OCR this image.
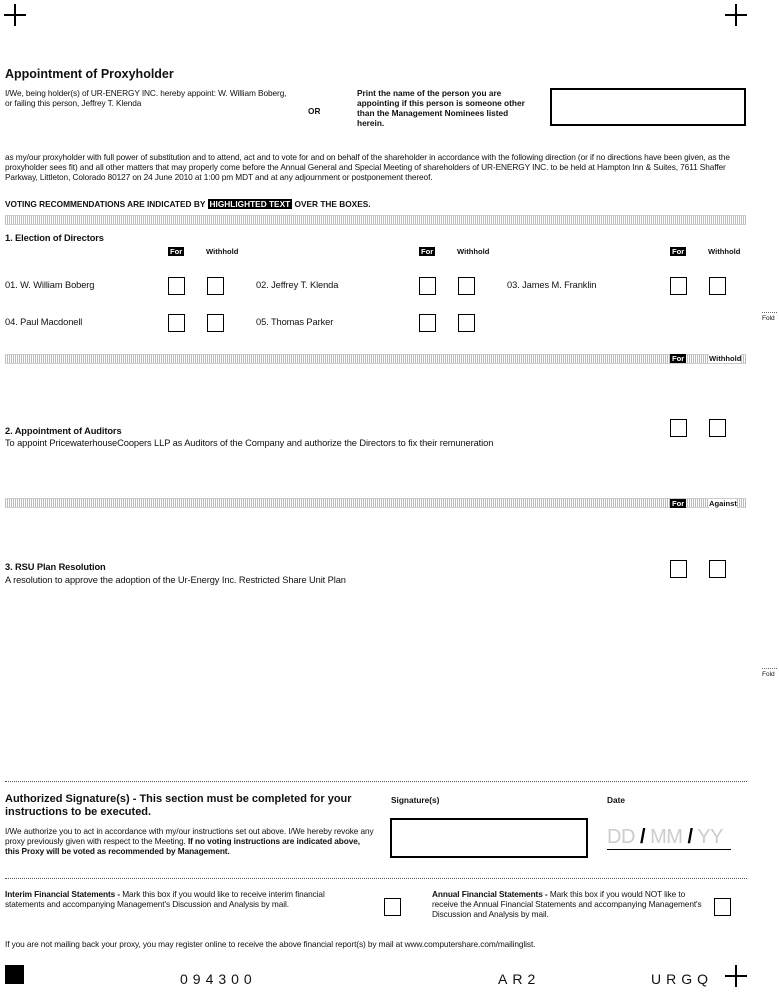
Appointment of Proxyholder
I/We, being holder(s) of UR-ENERGY INC. hereby appoint: W. William Boberg, or failing this person, Jeffrey T. Klenda
OR
Print the name of the person you are appointing if this person is someone other than the Management Nominees listed herein.
as my/our proxyholder with full power of substitution and to attend, act and to vote for and on behalf of the shareholder in accordance with the following direction (or if no directions have been given, as the proxyholder sees fit) and all other matters that may properly come before the Annual General and Special Meeting of shareholders of UR-ENERGY INC. to be held at Hampton Inn & Suites, 7611 Shaffer Parkway, Littleton, Colorado 80127 on 24 June 2010 at 1:00 pm MDT and at any adjournment or postponement thereof.
VOTING RECOMMENDATIONS ARE INDICATED BY HIGHLIGHTED TEXT OVER THE BOXES.
1. Election of Directors
For	Withhold	For	Withhold	For	Withhold
01. W. William Boberg	02. Jeffrey T. Klenda	03. James M. Franklin
04. Paul Macdonell	05. Thomas Parker	Fold
For	Withhold
2. Appointment of Auditors
To appoint PricewaterhouseCoopers LLP as Auditors of the Company and authorize the Directors to fix their remuneration
For	Against
3. RSU Plan Resolution
A resolution to approve the adoption of the Ur-Energy Inc. Restricted Share Unit Plan
Fold
Authorized Signature(s) - This section must be completed for your instructions to be executed.
I/We authorize you to act in accordance with my/our instructions set out above. I/We hereby revoke any proxy previously given with respect to the Meeting. If no voting instructions are indicated above, this Proxy will be voted as recommended by Management.
Signature(s)	Date
DD / MM / YY
Interim Financial Statements - Mark this box if you would like to receive interim financial statements and accompanying Management's Discussion and Analysis by mail.
Annual Financial Statements - Mark this box if you would NOT like to receive the Annual Financial Statements and accompanying Management's Discussion and Analysis by mail.
If you are not mailing back your proxy, you may register online to receive the above financial report(s) by mail at www.computershare.com/mailinglist.
094300	AR2	URGQ
